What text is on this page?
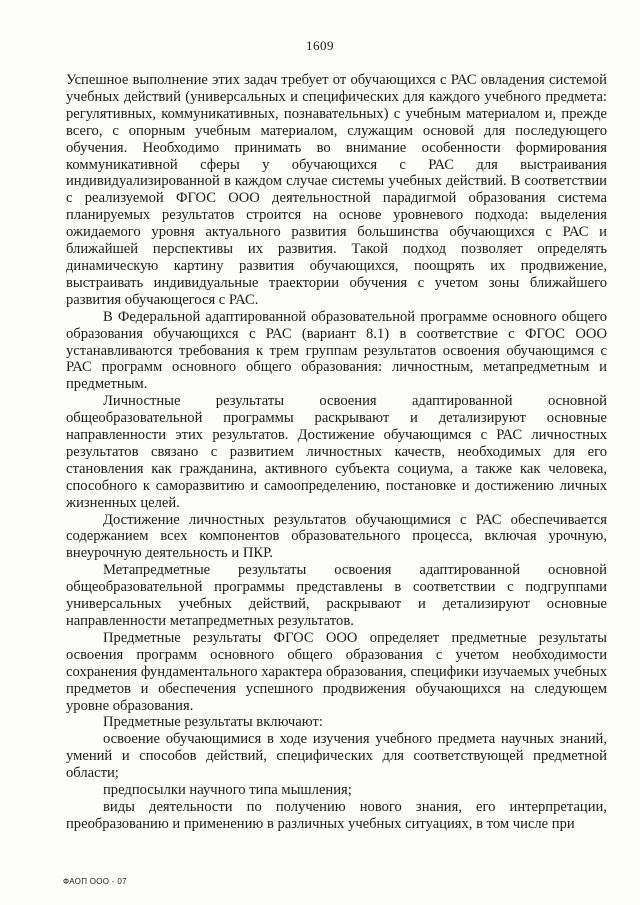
1609

Успешное выполнение этих задач требует от обучающихся с РАС овладения системой учебных действий (универсальных и специфических для каждого учебного предмета: регулятивных, коммуникативных, познавательных) с учебным материалом и, прежде всего, с опорным учебным материалом, служащим основой для последующего обучения. Необходимо принимать во внимание особенности формирования коммуникативной сферы у обучающихся с РАС для выстраивания индивидуализированной в каждом случае системы учебных действий. В соответствии с реализуемой ФГОС ООО деятельностной парадигмой образования система планируемых результатов строится на основе уровневого подхода: выделения ожидаемого уровня актуального развития большинства обучающихся с РАС и ближайшей перспективы их развития. Такой подход позволяет определять динамическую картину развития обучающихся, поощрять их продвижение, выстраивать индивидуальные траектории обучения с учетом зоны ближайшего развития обучающегося с РАС.

В Федеральной адаптированной образовательной программе основного общего образования обучающихся с РАС (вариант 8.1) в соответствие с ФГОС ООО устанавливаются требования к трем группам результатов освоения обучающимся с РАС программ основного общего образования: личностным, метапредметным и предметным.

Личностные результаты освоения адаптированной основной общеобразовательной программы раскрывают и детализируют основные направленности этих результатов. Достижение обучающимся с РАС личностных результатов связано с развитием личностных качеств, необходимых для его становления как гражданина, активного субъекта социума, а также как человека, способного к саморазвитию и самоопределению, постановке и достижению личных жизненных целей.

Достижение личностных результатов обучающимися с РАС обеспечивается содержанием всех компонентов образовательного процесса, включая урочную, внеурочную деятельность и ПКР.

Метапредметные результаты освоения адаптированной основной общеобразовательной программы представлены в соответствии с подгруппами универсальных учебных действий, раскрывают и детализируют основные направленности метапредметных результатов.

Предметные результаты ФГОС ООО определяет предметные результаты освоения программ основного общего образования с учетом необходимости сохранения фундаментального характера образования, специфики изучаемых учебных предметов и обеспечения успешного продвижения обучающихся на следующем уровне образования.

Предметные результаты включают:

освоение обучающимися в ходе изучения учебного предмета научных знаний, умений и способов действий, специфических для соответствующей предметной области;

предпосылки научного типа мышления;

виды деятельности по получению нового знания, его интерпретации, преобразованию и применению в различных учебных ситуациях, в том числе при

ФАОП ООО - 07
